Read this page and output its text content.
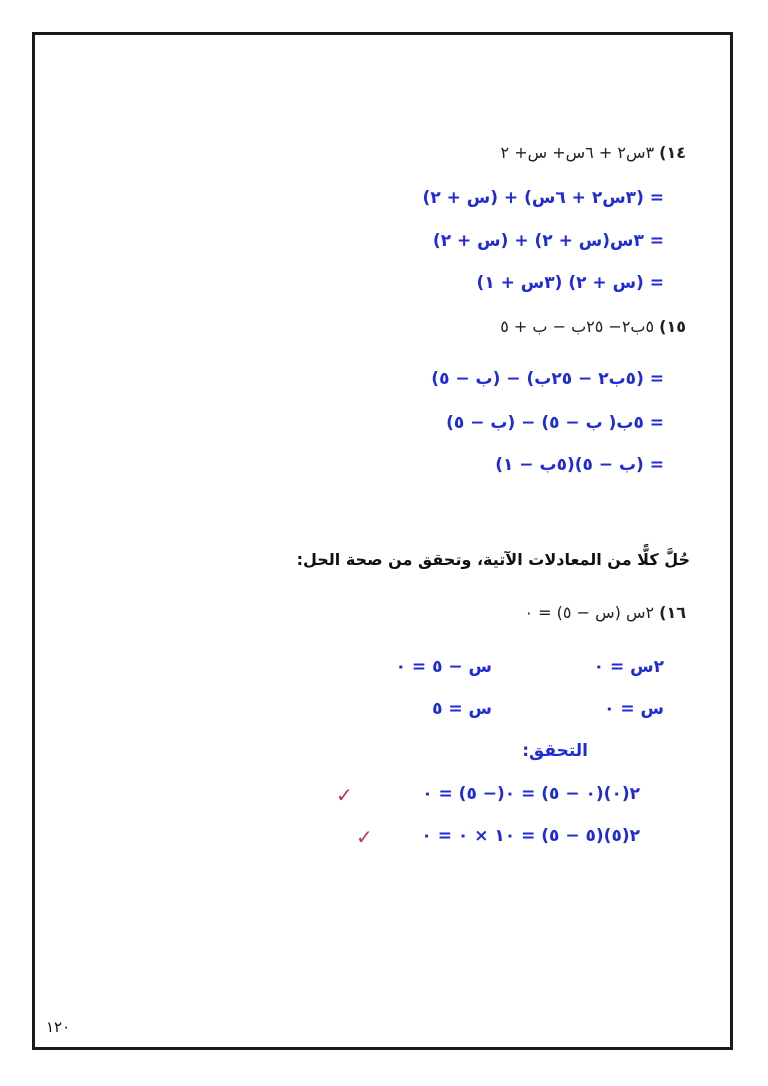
١٤) ٣س٢ + ٦س+ س+ ٢
= (٣س٢ + ٦س) + (س + ٢)
= ٣س(س + ٢) + (س + ٢)
= (س + ٢) (٣س + ١)
١٥) ٥ب٢− ٢٥ب − ب + ٥
= (٥ب٢ − ٢٥ب) − (ب − ٥)
= ٥ب( ب − ٥) − (ب − ٥)
= (ب − ٥)(٥ب − ١)
حُلَّ كلًّا من المعادلات الآتية، وتحقق من صحة الحل:
١٦) ٢س (س − ٥) = ٠
٢س = ٠
س − ٥ = ٠
س = ٠
س = ٥
التحقق:
٢(٠)(٠ − ٥) = ٠(− ٥) = ٠
✓
٢(٥)(٥ − ٥) = ١٠ × ٠ = ٠
✓
١٢٠
